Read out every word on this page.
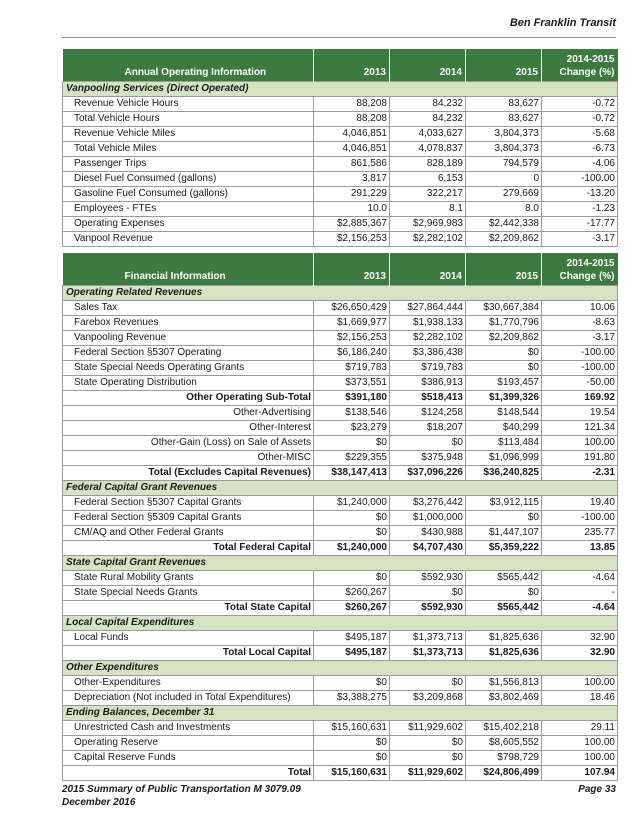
Ben Franklin Transit
Annual Operating Information	2013	2014	2015	2014-2015
Change (%)
Vanpooling Services (Direct Operated)				
Revenue Vehicle Hours	88,208	84,232	83,627	-0.72
Total Vehicle Hours	88,208	84,232	83,627	-0.72
Revenue Vehicle Miles	4,046,851	4,033,627	3,804,373	-5.68
Total Vehicle Miles	4,046,851	4,078,837	3,804,373	-6.73
Passenger Trips	861,586	828,189	794,579	-4.06
Diesel Fuel Consumed (gallons)	3,817	6,153	0	-100.00
Gasoline Fuel Consumed (gallons)	291,229	322,217	279,669	-13.20
Employees - FTEs	10.0	8.1	8.0	-1.23
Operating Expenses	$2,885,367	$2,969,983	$2,442,338	-17.77
Vanpool Revenue	$2,156,253	$2,282,102	$2,209,862	-3.17
Financial Information	2013	2014	2015	2014-2015
Change (%)
Operating Related Revenues				
Sales Tax	$26,650,429	$27,864,444	$30,667,384	10.06
Farebox Revenues	$1,669,977	$1,938,133	$1,770,796	-8.63
Vanpooling Revenue	$2,156,253	$2,282,102	$2,209,862	-3.17
Federal Section §5307 Operating	$6,186,240	$3,386,438	$0	-100.00
State Special Needs Operating Grants	$719,783	$719,783	$0	-100.00
State Operating Distribution	$373,551	$386,913	$193,457	-50.00
Other Operating Sub-Total	$391,180	$518,413	$1,399,326	169.92
Other-Advertising	$138,546	$124,258	$148,544	19.54
Other-Interest	$23,279	$18,207	$40,299	121.34
Other-Gain (Loss) on Sale of Assets	$0	$0	$113,484	100.00
Other-MISC	$229,355	$375,948	$1,096,999	191.80
Total (Excludes Capital Revenues)	$38,147,413	$37,096,226	$36,240,825	-2.31
Federal Capital Grant Revenues				
Federal Section §5307 Capital Grants	$1,240,000	$3,276,442	$3,912,115	19.40
Federal Section §5309 Capital Grants	$0	$1,000,000	$0	-100.00
CM/AQ and Other Federal Grants	$0	$430,988	$1,447,107	235.77
Total Federal Capital	$1,240,000	$4,707,430	$5,359,222	13.85
State Capital Grant Revenues				
State Rural Mobility Grants	$0	$592,930	$565,442	-4.64
State Special Needs Grants	$260,267	$0	$0	-
Total State Capital	$260,267	$592,930	$565,442	-4.64
Local Capital Expenditures				
Local Funds	$495,187	$1,373,713	$1,825,636	32.90
Total Local Capital	$495,187	$1,373,713	$1,825,636	32.90
Other Expenditures				
Other-Expenditures	$0	$0	$1,556,813	100.00
Depreciation (Not included in Total Expenditures)	$3,388,275	$3,209,868	$3,802,469	18.46
Ending Balances, December 31				
Unrestricted Cash and Investments	$15,160,631	$11,929,602	$15,402,218	29.11
Operating Reserve	$0	$0	$8,605,552	100.00
Capital Reserve Funds	$0	$0	$798,729	100.00
Total	$15,160,631	$11,929,602	$24,806,499	107.94
2015 Summary of Public Transportation M 3079.09
December 2016
Page 33
